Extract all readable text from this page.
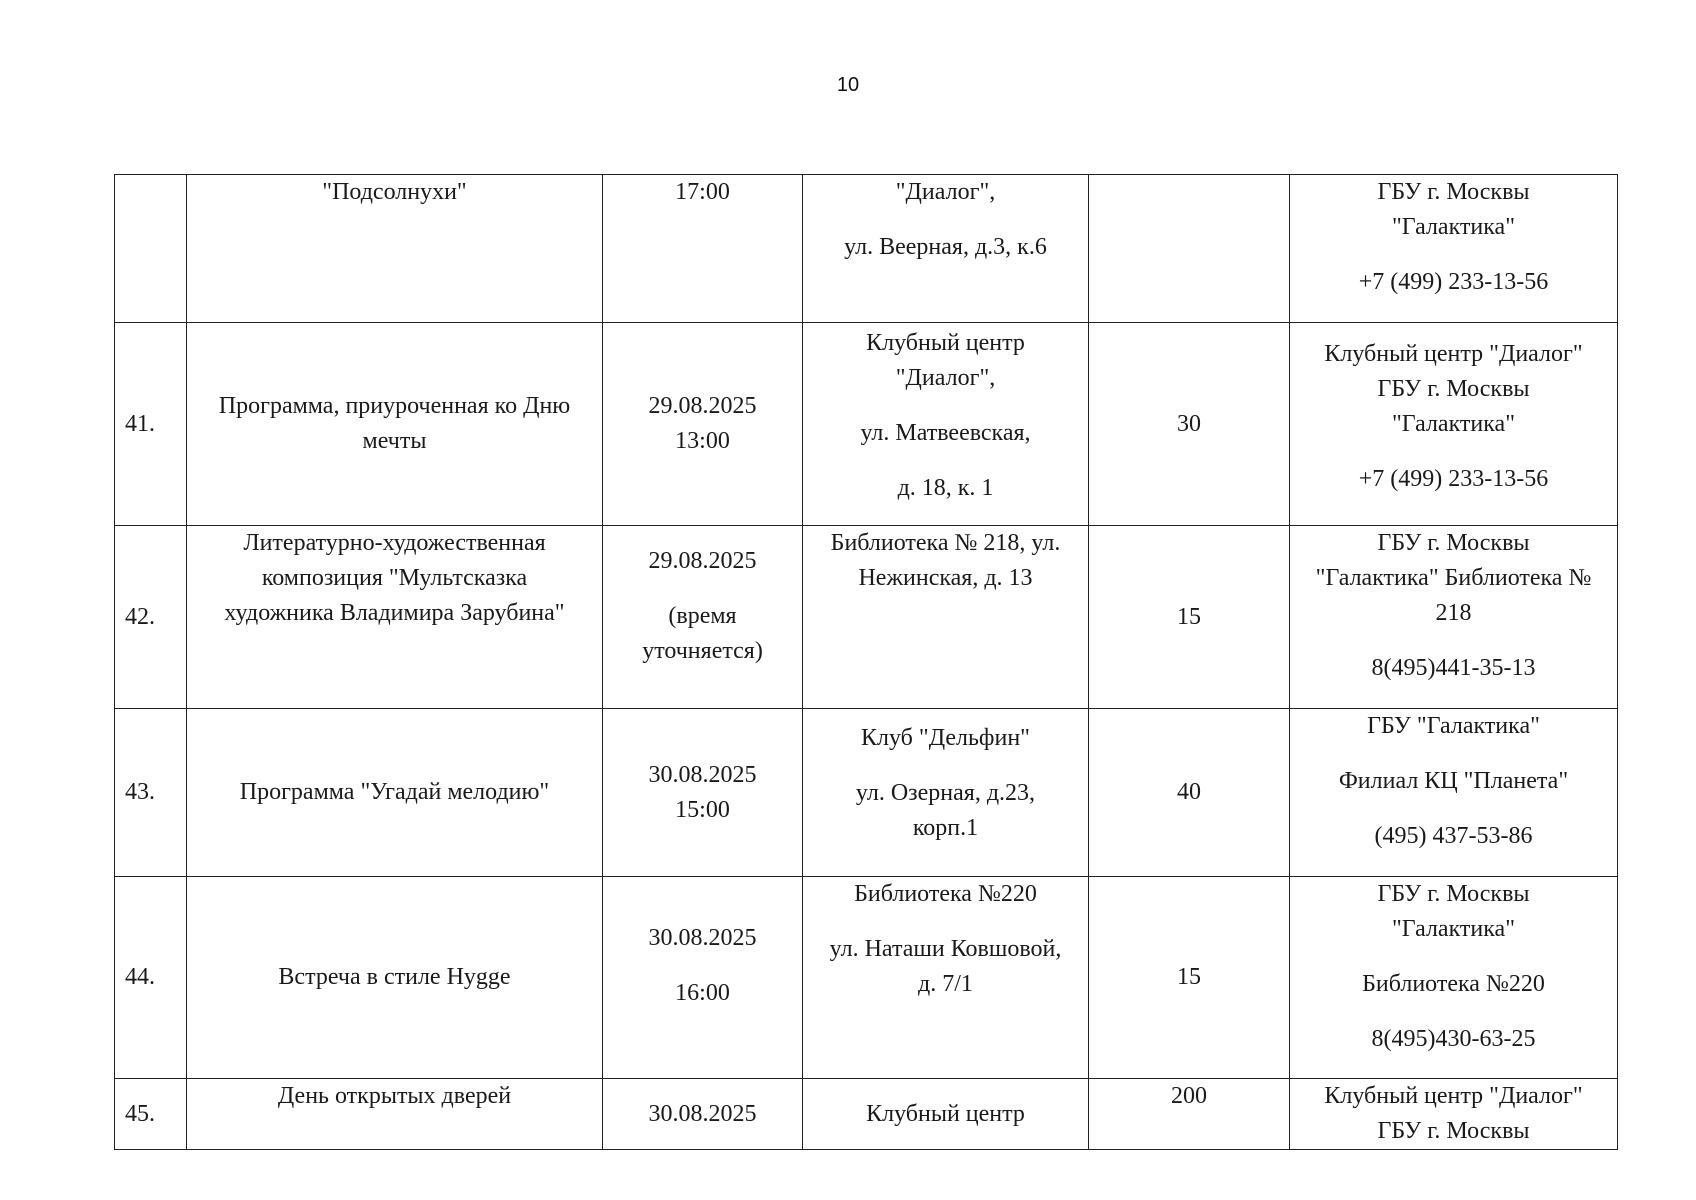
10

	"Подсолнухи"	17:00	"Диалог",
ул. Веерная, д.3, к.6		ГБУ г. Москвы
"Галактика"
+7 (499) 233-13-56

41.	Программа, приуроченная ко Дню
мечты	29.08.2025
13:00	Клубный центр
"Диалог",
ул. Матвеевская,
д. 18, к. 1	30	Клубный центр "Диалог"
ГБУ г. Москвы
"Галактика"
+7 (499) 233-13-56

42.	Литературно-художественная
композиция "Мультсказка
художника Владимира Зарубина"	29.08.2025
(время
уточняется)	Библиотека № 218, ул.
Нежинская, д. 13	15	ГБУ г. Москвы
"Галактика" Библиотека №
218
8(495)441-35-13

43.	Программа "Угадай мелодию"	30.08.2025
15:00	Клуб "Дельфин"
ул. Озерная, д.23,
корп.1	40	ГБУ "Галактика"
Филиал КЦ "Планета"
(495) 437-53-86

44.	Встреча в стиле Hygge	30.08.2025
16:00	Библиотека №220
ул. Наташи Ковшовой,
д. 7/1	15	ГБУ г. Москвы
"Галактика"
Библиотека №220
8(495)430-63-25

45.	День открытых дверей	30.08.2025	Клубный центр	200	Клубный центр "Диалог"
ГБУ г. Москвы
